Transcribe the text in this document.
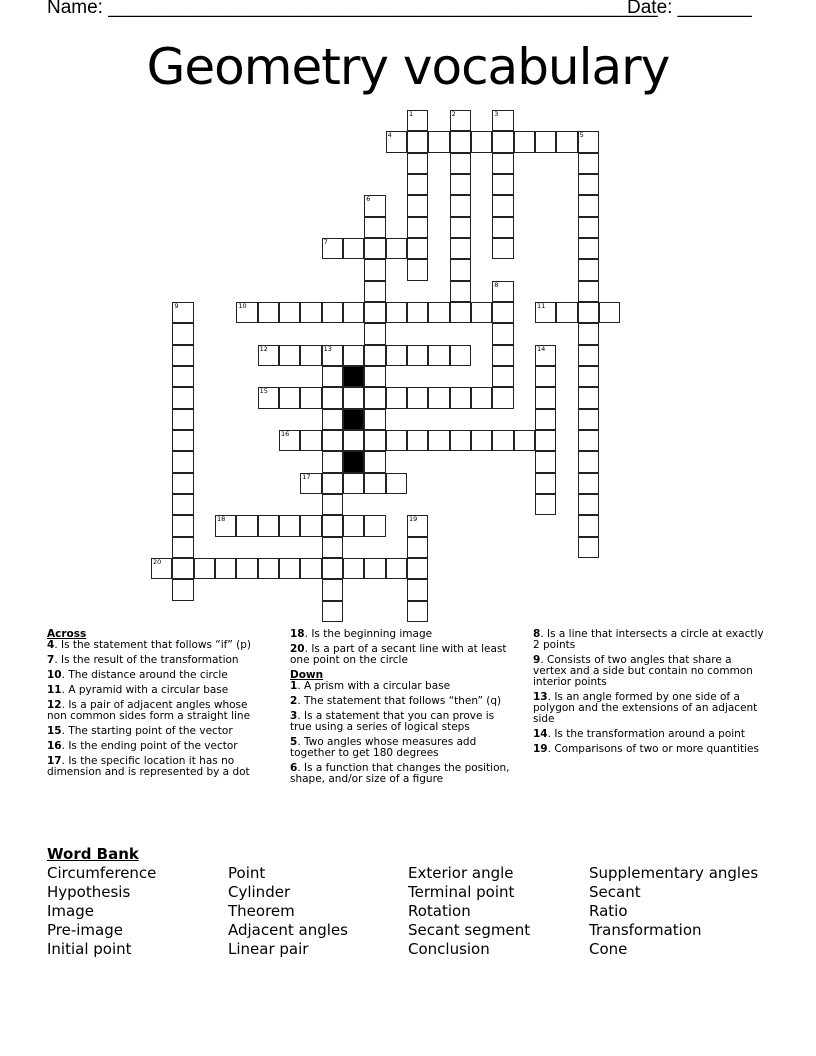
Name: ____________________________________________________
Date: _______
Geometry vocabulary
4	5
7
10	11
12	13
15
16
17
18
20
1	2	3
6
8
9
14
19
Across
4. Is the statement that follows “if” (p)
7. Is the result of the transformation
10. The distance around the circle
11. A pyramid with a circular base
12. Is a pair of adjacent angles whose non common sides form a straight line
15. The starting point of the vector
16. Is the ending point of the vector
17. Is the specific location it has no dimension and is represented by a dot
18. Is the beginning image
20. Is a part of a secant line with at least one point on the circle
Down
1. A prism with a circular base
2. The statement that follows “then” (q)
3. Is a statement that you can prove is true using a series of logical steps
5. Two angles whose measures add together to get 180 degrees
6. Is a function that changes the position, shape, and/or size of a figure
8. Is a line that intersects a circle at exactly 2 points
9. Consists of two angles that share a vertex and a side but contain no common interior points
13. Is an angle formed by one side of a polygon and the extensions of an adjacent side
14. Is the transformation around a point
19. Comparisons of two or more quantities
Word Bank
Circumference
Hypothesis
Image
Pre-image
Initial point
Point
Cylinder
Theorem
Adjacent angles
Linear pair
Exterior angle
Terminal point
Rotation
Secant segment
Conclusion
Supplementary angles
Secant
Ratio
Transformation
Cone
